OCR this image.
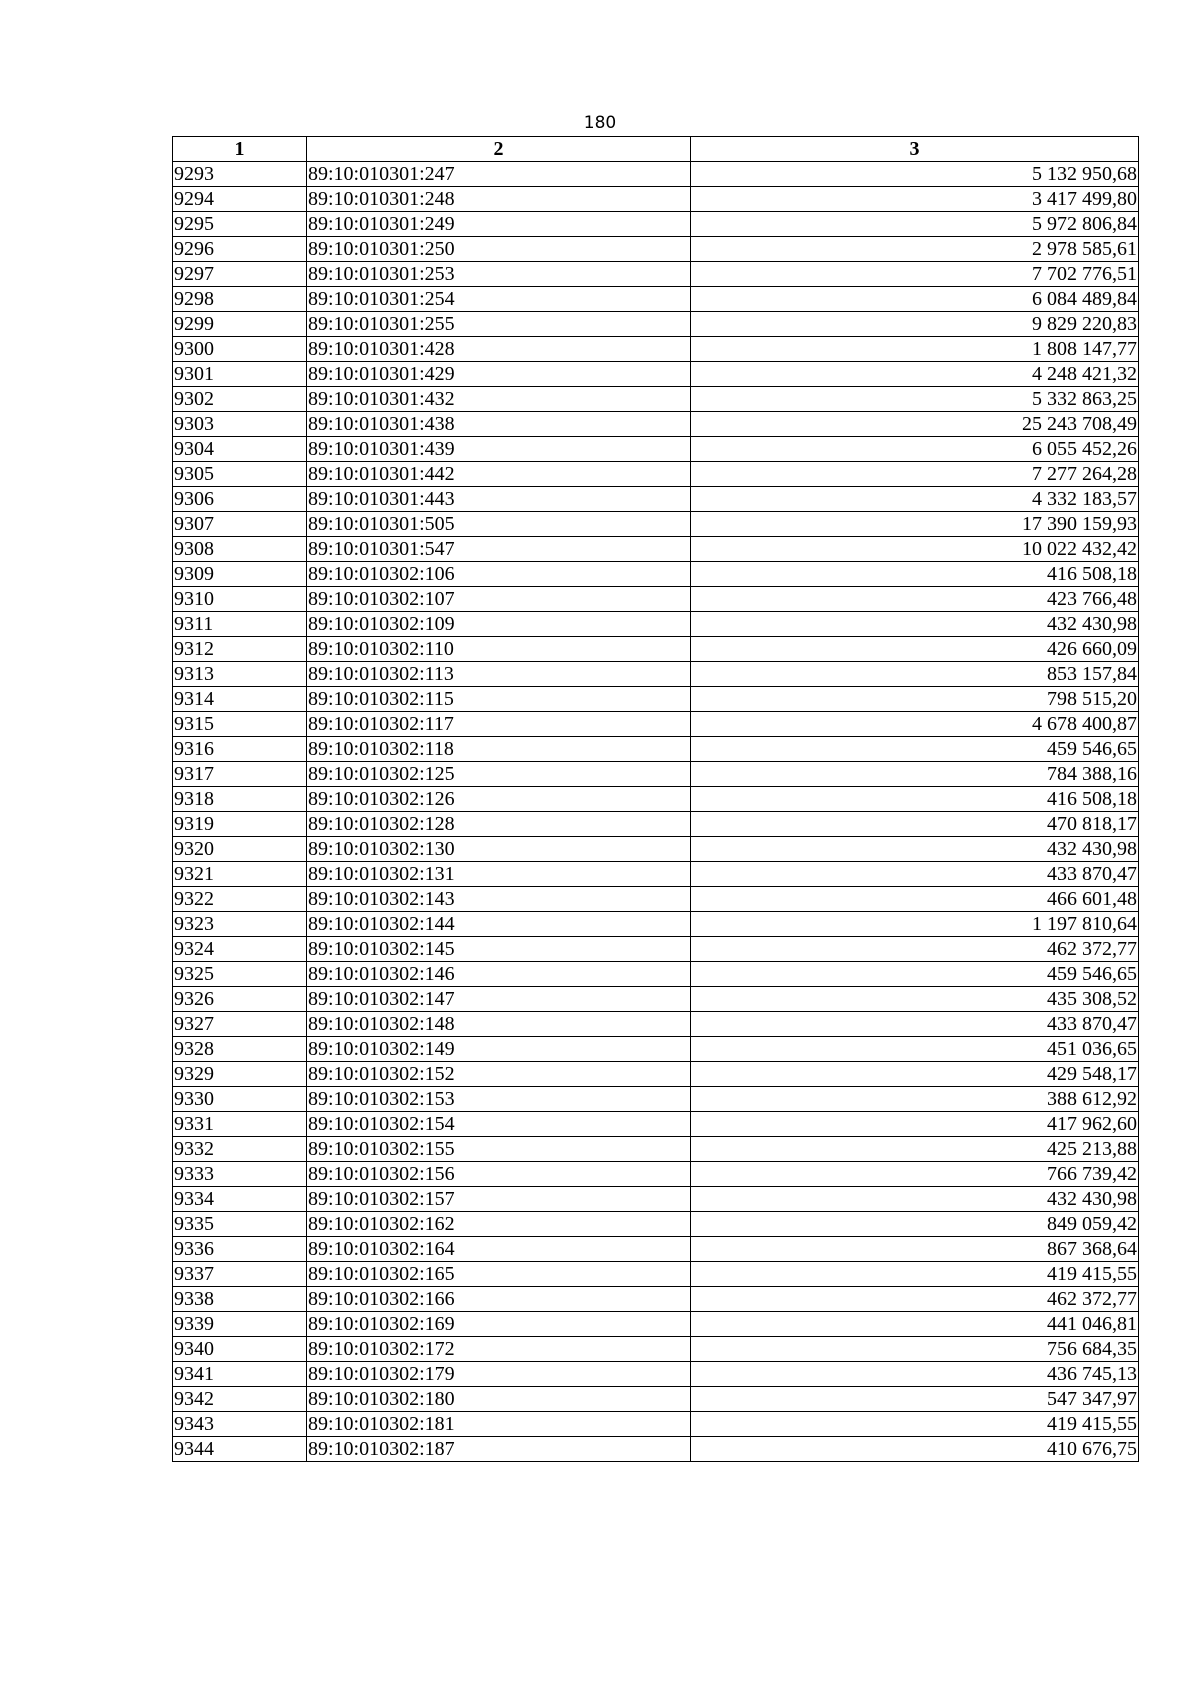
180
1	2	3
9293	89:10:010301:247	5 132 950,68
9294	89:10:010301:248	3 417 499,80
9295	89:10:010301:249	5 972 806,84
9296	89:10:010301:250	2 978 585,61
9297	89:10:010301:253	7 702 776,51
9298	89:10:010301:254	6 084 489,84
9299	89:10:010301:255	9 829 220,83
9300	89:10:010301:428	1 808 147,77
9301	89:10:010301:429	4 248 421,32
9302	89:10:010301:432	5 332 863,25
9303	89:10:010301:438	25 243 708,49
9304	89:10:010301:439	6 055 452,26
9305	89:10:010301:442	7 277 264,28
9306	89:10:010301:443	4 332 183,57
9307	89:10:010301:505	17 390 159,93
9308	89:10:010301:547	10 022 432,42
9309	89:10:010302:106	416 508,18
9310	89:10:010302:107	423 766,48
9311	89:10:010302:109	432 430,98
9312	89:10:010302:110	426 660,09
9313	89:10:010302:113	853 157,84
9314	89:10:010302:115	798 515,20
9315	89:10:010302:117	4 678 400,87
9316	89:10:010302:118	459 546,65
9317	89:10:010302:125	784 388,16
9318	89:10:010302:126	416 508,18
9319	89:10:010302:128	470 818,17
9320	89:10:010302:130	432 430,98
9321	89:10:010302:131	433 870,47
9322	89:10:010302:143	466 601,48
9323	89:10:010302:144	1 197 810,64
9324	89:10:010302:145	462 372,77
9325	89:10:010302:146	459 546,65
9326	89:10:010302:147	435 308,52
9327	89:10:010302:148	433 870,47
9328	89:10:010302:149	451 036,65
9329	89:10:010302:152	429 548,17
9330	89:10:010302:153	388 612,92
9331	89:10:010302:154	417 962,60
9332	89:10:010302:155	425 213,88
9333	89:10:010302:156	766 739,42
9334	89:10:010302:157	432 430,98
9335	89:10:010302:162	849 059,42
9336	89:10:010302:164	867 368,64
9337	89:10:010302:165	419 415,55
9338	89:10:010302:166	462 372,77
9339	89:10:010302:169	441 046,81
9340	89:10:010302:172	756 684,35
9341	89:10:010302:179	436 745,13
9342	89:10:010302:180	547 347,97
9343	89:10:010302:181	419 415,55
9344	89:10:010302:187	410 676,75
